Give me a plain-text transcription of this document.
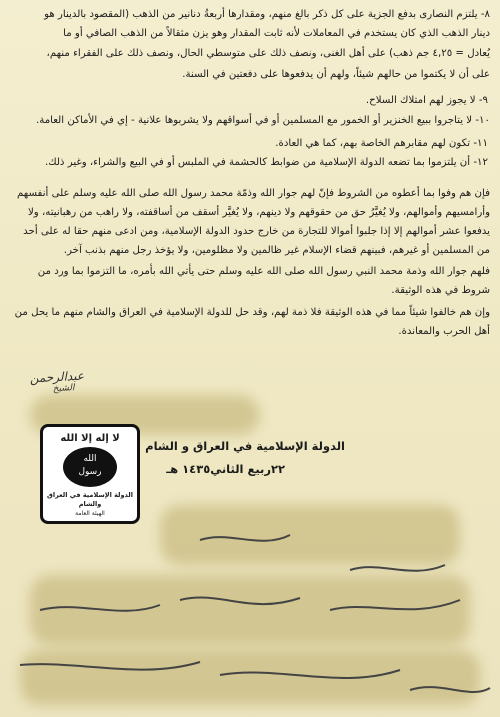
٨- يلتزم النصارى بدفع الجزية على كل ذكر بالغ منهم، ومقدارها أربعةُ دنانير من الذهب (المقصود بالدينار هو
دينار الذهب الذي كان يستخدم في المعاملات لأنه ثابت المقدار وهو يزن مثقالاً من الذهب الصافي أو ما
يُعادل = ٤,٢٥ جم ذهب) على أهل الغنى، ونصف ذلك على متوسطي الحال، ونصف ذلك على الفقراء منهم،
على أن لا يكتموا من حالهم شيئاً، ولهم أن يدفعوها على دفعتين في السنة.
٩- لا يجوز لهم امتلاك السلاح.
١٠- لا يتاجروا ببيع الخنزير أو الخمور مع المسلمين أو في أسواقهم ولا يشربوها علانية - إي في الأماكن العامة.
١١- تكون لهم مقابرهم الخاصة بهم، كما هي العادة.
١٢- أن يلتزموا بما تضعه الدولة الإسلامية من ضوابط كالحشمة في الملبس أو في البيع والشراء، وغير ذلك.
فإن هم وفوا بما أعطوه من الشروط فإنّ لهم جوار الله وذمّة محمد رسول الله صلى الله عليه وسلم على أنفسهم وأرامسيهم وأموالهم، ولا يُغيَّرُ حق من حقوقهم ولا دينهم، ولا يُغيَّر أسقف من أساقفته، ولا راهب من رهبانيته، ولا يدفعوا عشر أموالهم إلا إذا جلبوا أموالا للتجارة من خارج حدود الدولة الإسلامية، ومن ادعى منهم حقا له على أحد من المسلمين أو غيرهم، فبينهم قضاء الإسلام غير ظالمين ولا مظلومين، ولا يؤخذ رجل منهم بذنب آخر.
فلهم جوار الله وذمة محمد النبي رسول الله صلى الله عليه وسلم حتى يأتي الله بأمره، ما التزموا بما ورد من شروط في هذه الوثيقة.
وإن هم خالفوا شيئاً مما في هذه الوثيقة فلا ذمة لهم، وقد حل للدولة الإسلامية في العراق والشام منهم ما يحل من أهل الحرب والمعاندة.
عبدالرحمن
الشيخ
لا إله إلا الله
الله
رسول
الدولة الإسلامية في العراق والشام
الهيئة العامة
الدولة الإسلامية في العراق و الشام
٢٢ربيع الثاني١٤٣٥ هـ
